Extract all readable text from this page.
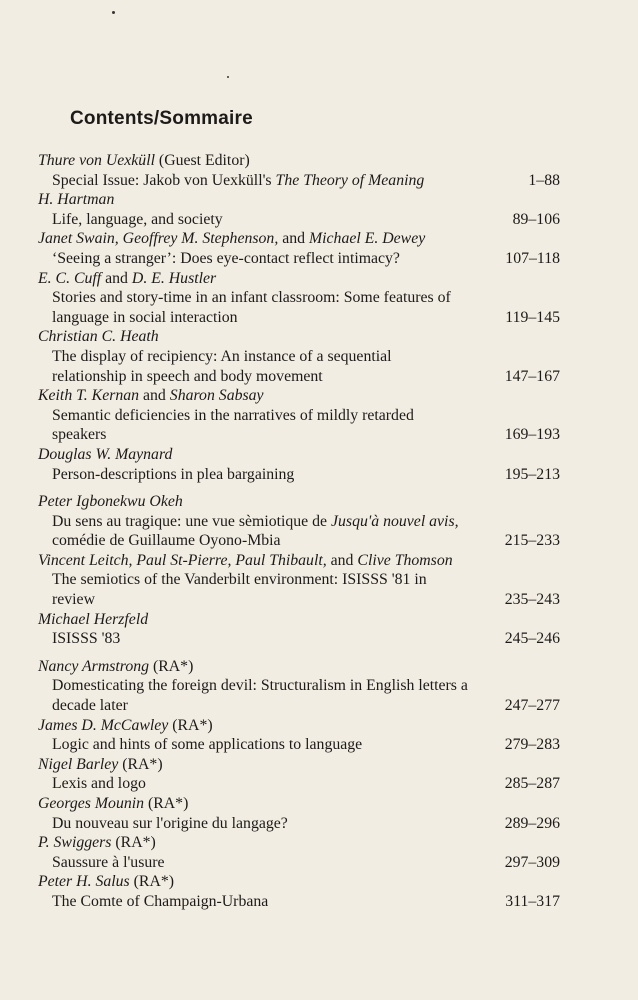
Contents/Sommaire
Thure von Uexküll (Guest Editor)
Special Issue: Jakob von Uexküll's The Theory of Meaning	1–88
H. Hartman
Life, language, and society	89–106
Janet Swain, Geoffrey M. Stephenson, and Michael E. Dewey
‘Seeing a stranger’: Does eye-contact reflect intimacy?	107–118
E. C. Cuff and D. E. Hustler
Stories and story-time in an infant classroom: Some features of language in social interaction	119–145
Christian C. Heath
The display of recipiency: An instance of a sequential relationship in speech and body movement	147–167
Keith T. Kernan and Sharon Sabsay
Semantic deficiencies in the narratives of mildly retarded speakers	169–193
Douglas W. Maynard
Person-descriptions in plea bargaining	195–213
Peter Igbonekwu Okeh
Du sens au tragique: une vue sèmiotique de Jusqu'à nouvel avis, comédie de Guillaume Oyono-Mbia	215–233
Vincent Leitch, Paul St-Pierre, Paul Thibault, and Clive Thomson
The semiotics of the Vanderbilt environment: ISISSS '81 in review	235–243
Michael Herzfeld
ISISSS '83	245–246
Nancy Armstrong (RA*)
Domesticating the foreign devil: Structuralism in English letters a decade later	247–277
James D. McCawley (RA*)
Logic and hints of some applications to language	279–283
Nigel Barley (RA*)
Lexis and logo	285–287
Georges Mounin (RA*)
Du nouveau sur l'origine du langage?	289–296
P. Swiggers (RA*)
Saussure à l'usure	297–309
Peter H. Salus (RA*)
The Comte of Champaign-Urbana	311–317
